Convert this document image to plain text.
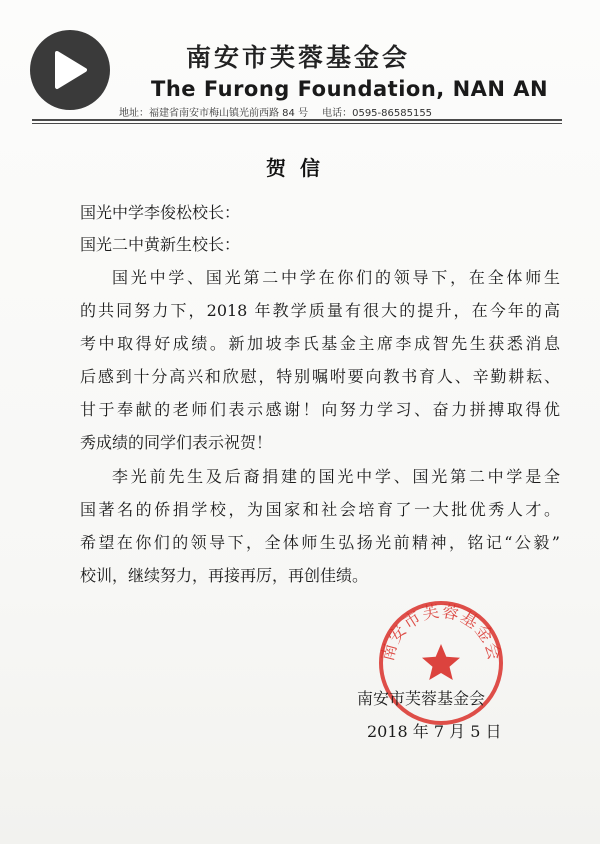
南安市芙蓉基金会
The Furong Foundation, NAN AN
地址：福建省南安市梅山镇光前西路 84 号 电话：0595-86585155
贺信
国光中学李俊松校长：
国光二中黄新生校长：
国光中学、国光第二中学在你们的领导下，在全体师生
的共同努力下，2018 年教学质量有很大的提升，在今年的高
考中取得好成绩。新加坡李氏基金主席李成智先生获悉消息
后感到十分高兴和欣慰，特别嘱咐要向教书育人、辛勤耕耘、
甘于奉献的老师们表示感谢！向努力学习、奋力拼搏取得优
秀成绩的同学们表示祝贺！
李光前先生及后裔捐建的国光中学、国光第二中学是全
国著名的侨捐学校，为国家和社会培育了一大批优秀人才。
希望在你们的领导下，全体师生弘扬光前精神，铭记“公毅”
校训，继续努力，再接再厉，再创佳绩。
南安市芙蓉基金会
南安市芙蓉基金会
2018 年 7 月 5 日
